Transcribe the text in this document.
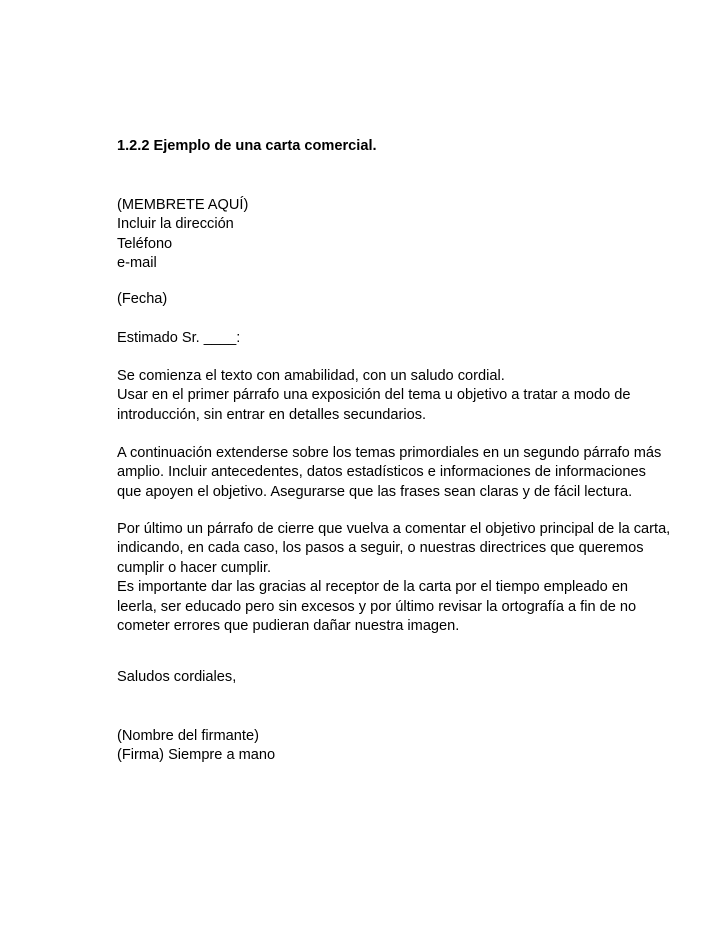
1.2.2 Ejemplo de una carta comercial.
(MEMBRETE AQUÍ)
Incluir la dirección
Teléfono
e-mail
(Fecha)
Estimado Sr. ____:
Se comienza el texto con amabilidad, con un saludo cordial.
Usar en el primer párrafo una exposición del tema u objetivo a tratar a modo de
introducción, sin entrar en detalles secundarios.
A continuación extenderse sobre los temas primordiales en un segundo párrafo más
amplio. Incluir antecedentes, datos estadísticos e informaciones de informaciones
que apoyen el objetivo. Asegurarse que las frases sean claras y de fácil lectura.
Por último un párrafo de cierre que vuelva a comentar el objetivo principal de la carta,
indicando, en cada caso, los pasos a seguir, o nuestras directrices que queremos
cumplir o hacer cumplir.
Es importante dar las gracias al receptor de la carta por el tiempo empleado en
leerla, ser educado pero sin excesos y por último revisar la ortografía a fin de no
cometer errores que pudieran dañar nuestra imagen.
Saludos cordiales,
(Nombre del firmante)
(Firma) Siempre a mano
